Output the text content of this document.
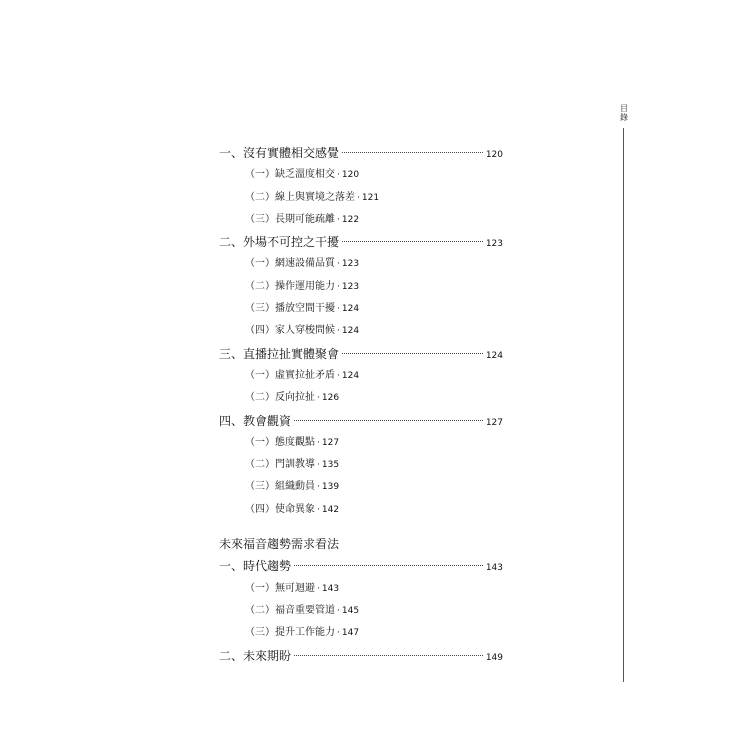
目錄
一、沒有實體相交感覺	120
（一）缺乏溫度相交 · 120
（二）線上與實境之落差 · 121
（三）長期可能疏離 · 122
二、外場不可控之干擾	123
（一）網速設備品質 · 123
（二）操作運用能力 · 123
（三）播放空間干擾 · 124
（四）家人穿梭問候 · 124
三、直播拉扯實體聚會	124
（一）虛實拉扯矛盾 · 124
（二）反向拉扯 · 126
四、教會觀資	127
（一）態度觀點 · 127
（二）門訓教導 · 135
（三）組織動員 · 139
（四）使命異象 · 142
未來福音趨勢需求看法
一、時代趨勢	143
（一）無可迴避 · 143
（二）福音重要管道 · 145
（三）提升工作能力 · 147
二、未來期盼	149
